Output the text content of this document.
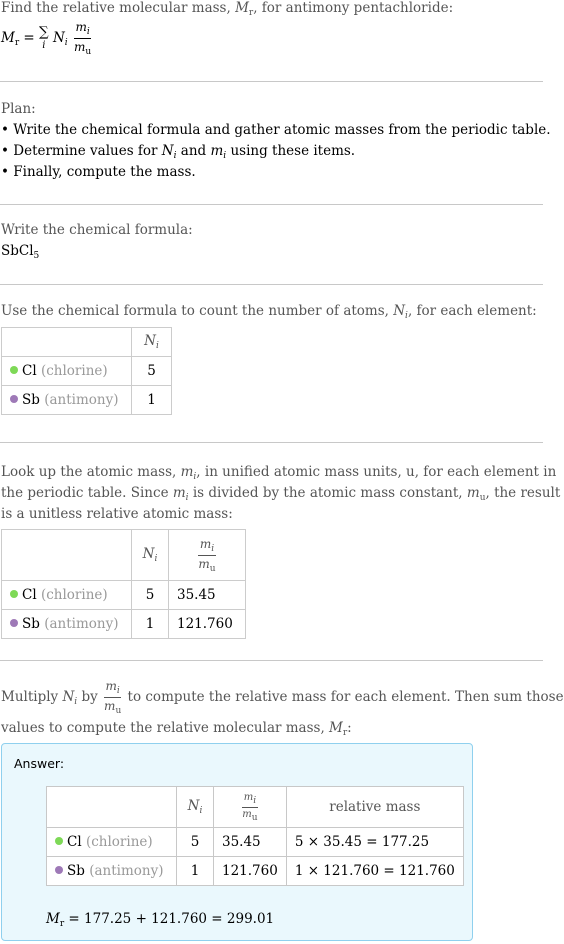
Find the relative molecular mass, $M_r$, for antimony pentachloride:
$M_r$ = ∑
i $N_i \frac{m_i}{m_u}$
Plan:
• Write the chemical formula and gather atomic masses from the periodic table.
• Determine values for $N_i$ and $m_i$ using these items.
• Finally, compute the mass.
Write the chemical formula:
SbCl$_5$
Use the chemical formula to count the number of atoms, $N_i$, for each element:
	$N_i$
Cl (chlorine)	5
Sb (antimony)	1
Look up the atomic mass, $m_i$, in unified atomic mass units, u, for each element in
the periodic table. Since $m_i$ is divided by the atomic mass constant, $m_u$, the result
is a unitless relative atomic mass:
	$N_i$	$\frac{m_i}{m_u}$

Cl (chlorine)	5	35.45
Sb (antimony)	1	121.760
Multiply $N_i$ by $\frac{m_i}{m_u}$ to compute the relative mass for each element. Then sum those
values to compute the relative molecular mass, $M_r$:
Answer:
	$N_i$	$\frac{mi}{mu}$	relative mass
Cl (chlorine)	5	35.45	5 × 35.45 = 177.25
Sb (antimony)	1	121.760	1 × 121.760 = 121.760
$M_r = 177.25 + 121.760 = 299.01$
